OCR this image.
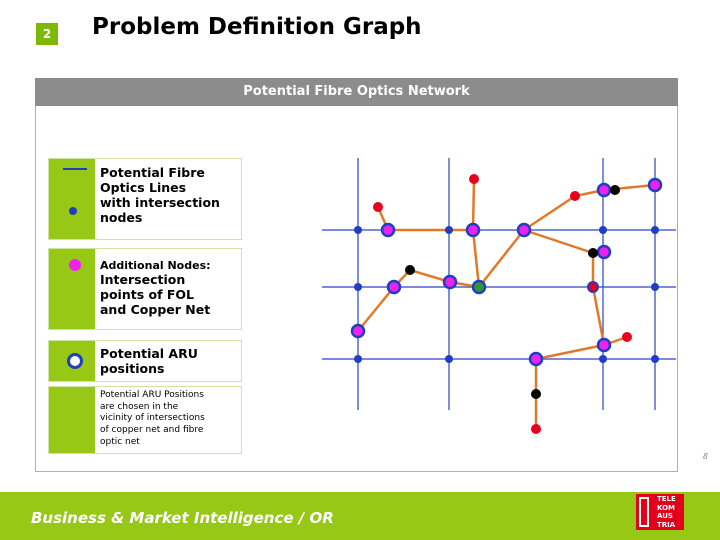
2 Problem Definition Graph
Potential Fibre Optics Network
Potential Fibre
Optics Lines
with intersection
nodes
Additional Nodes:
Intersection
points of FOL
and Copper Net
Potential ARU
positions
Potential ARU Positions
are chosen in the
vicinity of intersections
of copper net and fibre
optic net
8
Business & Market Intelligence / OR
TELE
KOM
AUS
TRIA
